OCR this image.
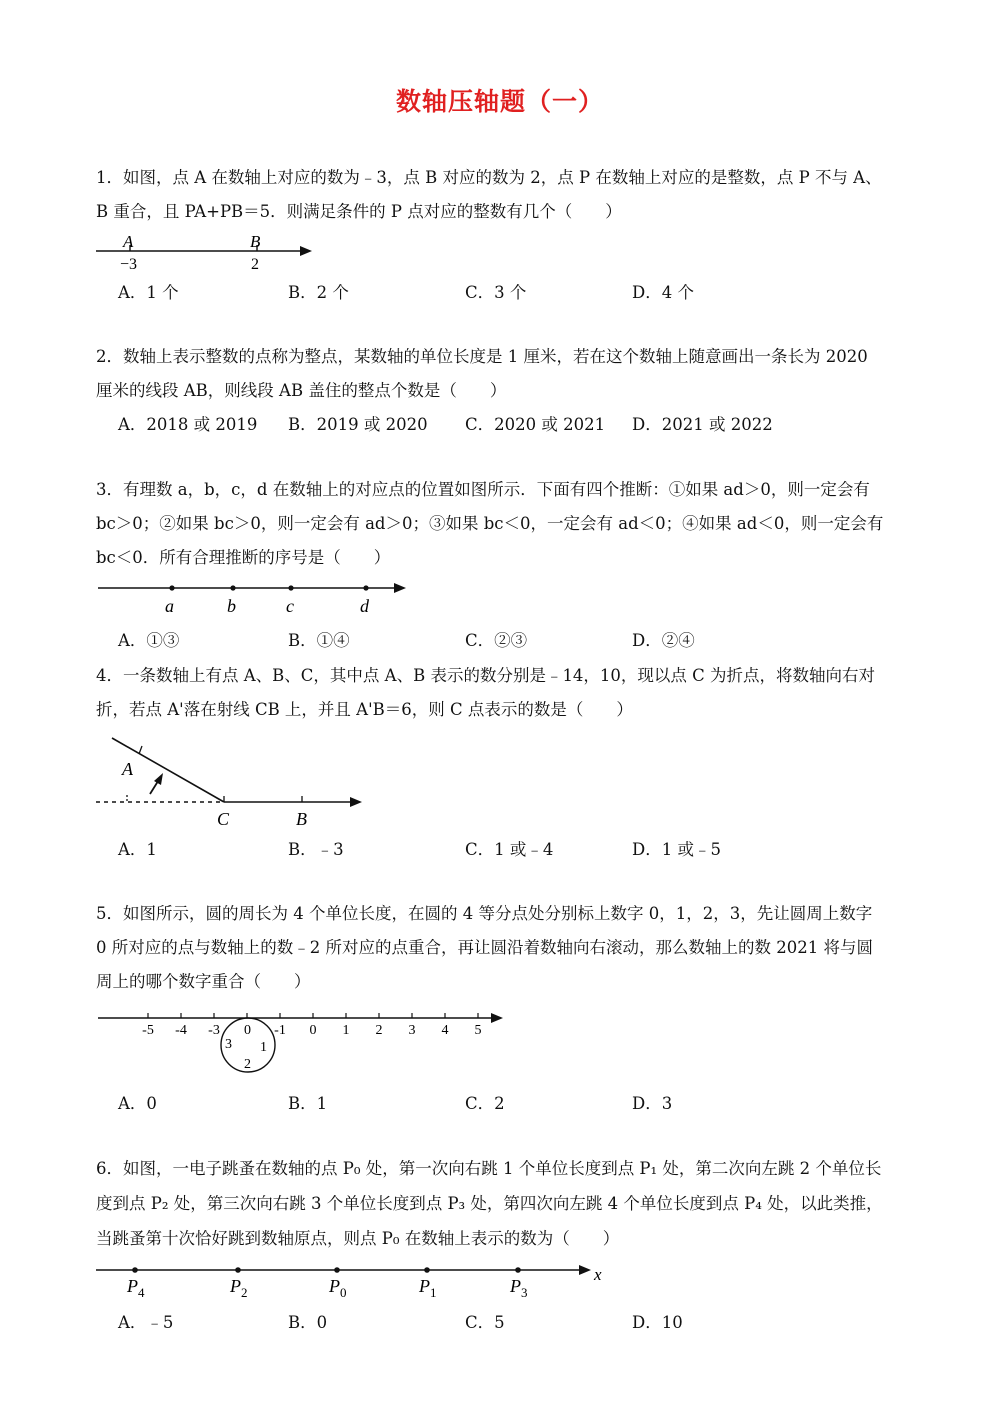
数轴压轴题（一）
1．如图，点 A 在数轴上对应的数为﹣3，点 B 对应的数为 2，点 P 在数轴上对应的是整数，点 P 不与 A、
B 重合，且 PA+PB＝5．则满足条件的 P 点对应的整数有几个（　　）
A	B
−3	2
A．1 个	B．2 个	C．3 个	D．4 个
2．数轴上表示整数的点称为整点，某数轴的单位长度是 1 厘米，若在这个数轴上随意画出一条长为 2020
厘米的线段 AB，则线段 AB 盖住的整点个数是（　　）
A．2018 或 2019 B．2019 或 2020 C．2020 或 2021 D．2021 或 2022
3．有理数 a，b，c，d 在数轴上的对应点的位置如图所示．下面有四个推断：①如果 ad＞0，则一定会有
bc＞0；②如果 bc＞0，则一定会有 ad＞0；③如果 bc＜0，一定会有 ad＜0；④如果 ad＜0，则一定会有
bc＜0．所有合理推断的序号是（　　）
a	b	c	d
A．①③	B．①④	C．②③	D．②④
4．一条数轴上有点 A、B、C，其中点 A、B 表示的数分别是﹣14，10，现以点 C 为折点，将数轴向右对
折，若点 A'落在射线 CB 上，并且 A'B＝6，则 C 点表示的数是（　　）
A
C	B
A．1	B．﹣3	C．1 或﹣4	D．1 或﹣5
5．如图所示，圆的周长为 4 个单位长度，在圆的 4 等分点处分别标上数字 0，1，2，3，先让圆周上数字
0 所对应的点与数轴上的数﹣2 所对应的点重合，再让圆沿着数轴向右滚动，那么数轴上的数 2021 将与圆
周上的哪个数字重合（　　）
-5 -4 -3	-1 0 1 2 3 4 5
0
1
2
3
A．0	B．1	C．2	D．3
6．如图，一电子跳蚤在数轴的点 P₀ 处，第一次向右跳 1 个单位长度到点 P₁ 处，第二次向左跳 2 个单位长
度到点 P₂ 处，第三次向右跳 3 个单位长度到点 P₃ 处，第四次向左跳 4 个单位长度到点 P₄ 处，以此类推，
当跳蚤第十次恰好跳到数轴原点，则点 P₀ 在数轴上表示的数为（　　）
x
$P_4$	$P_2$	$P_0$	$P_1$	$P_3$
A．﹣5	B．0	C．5	D．10
